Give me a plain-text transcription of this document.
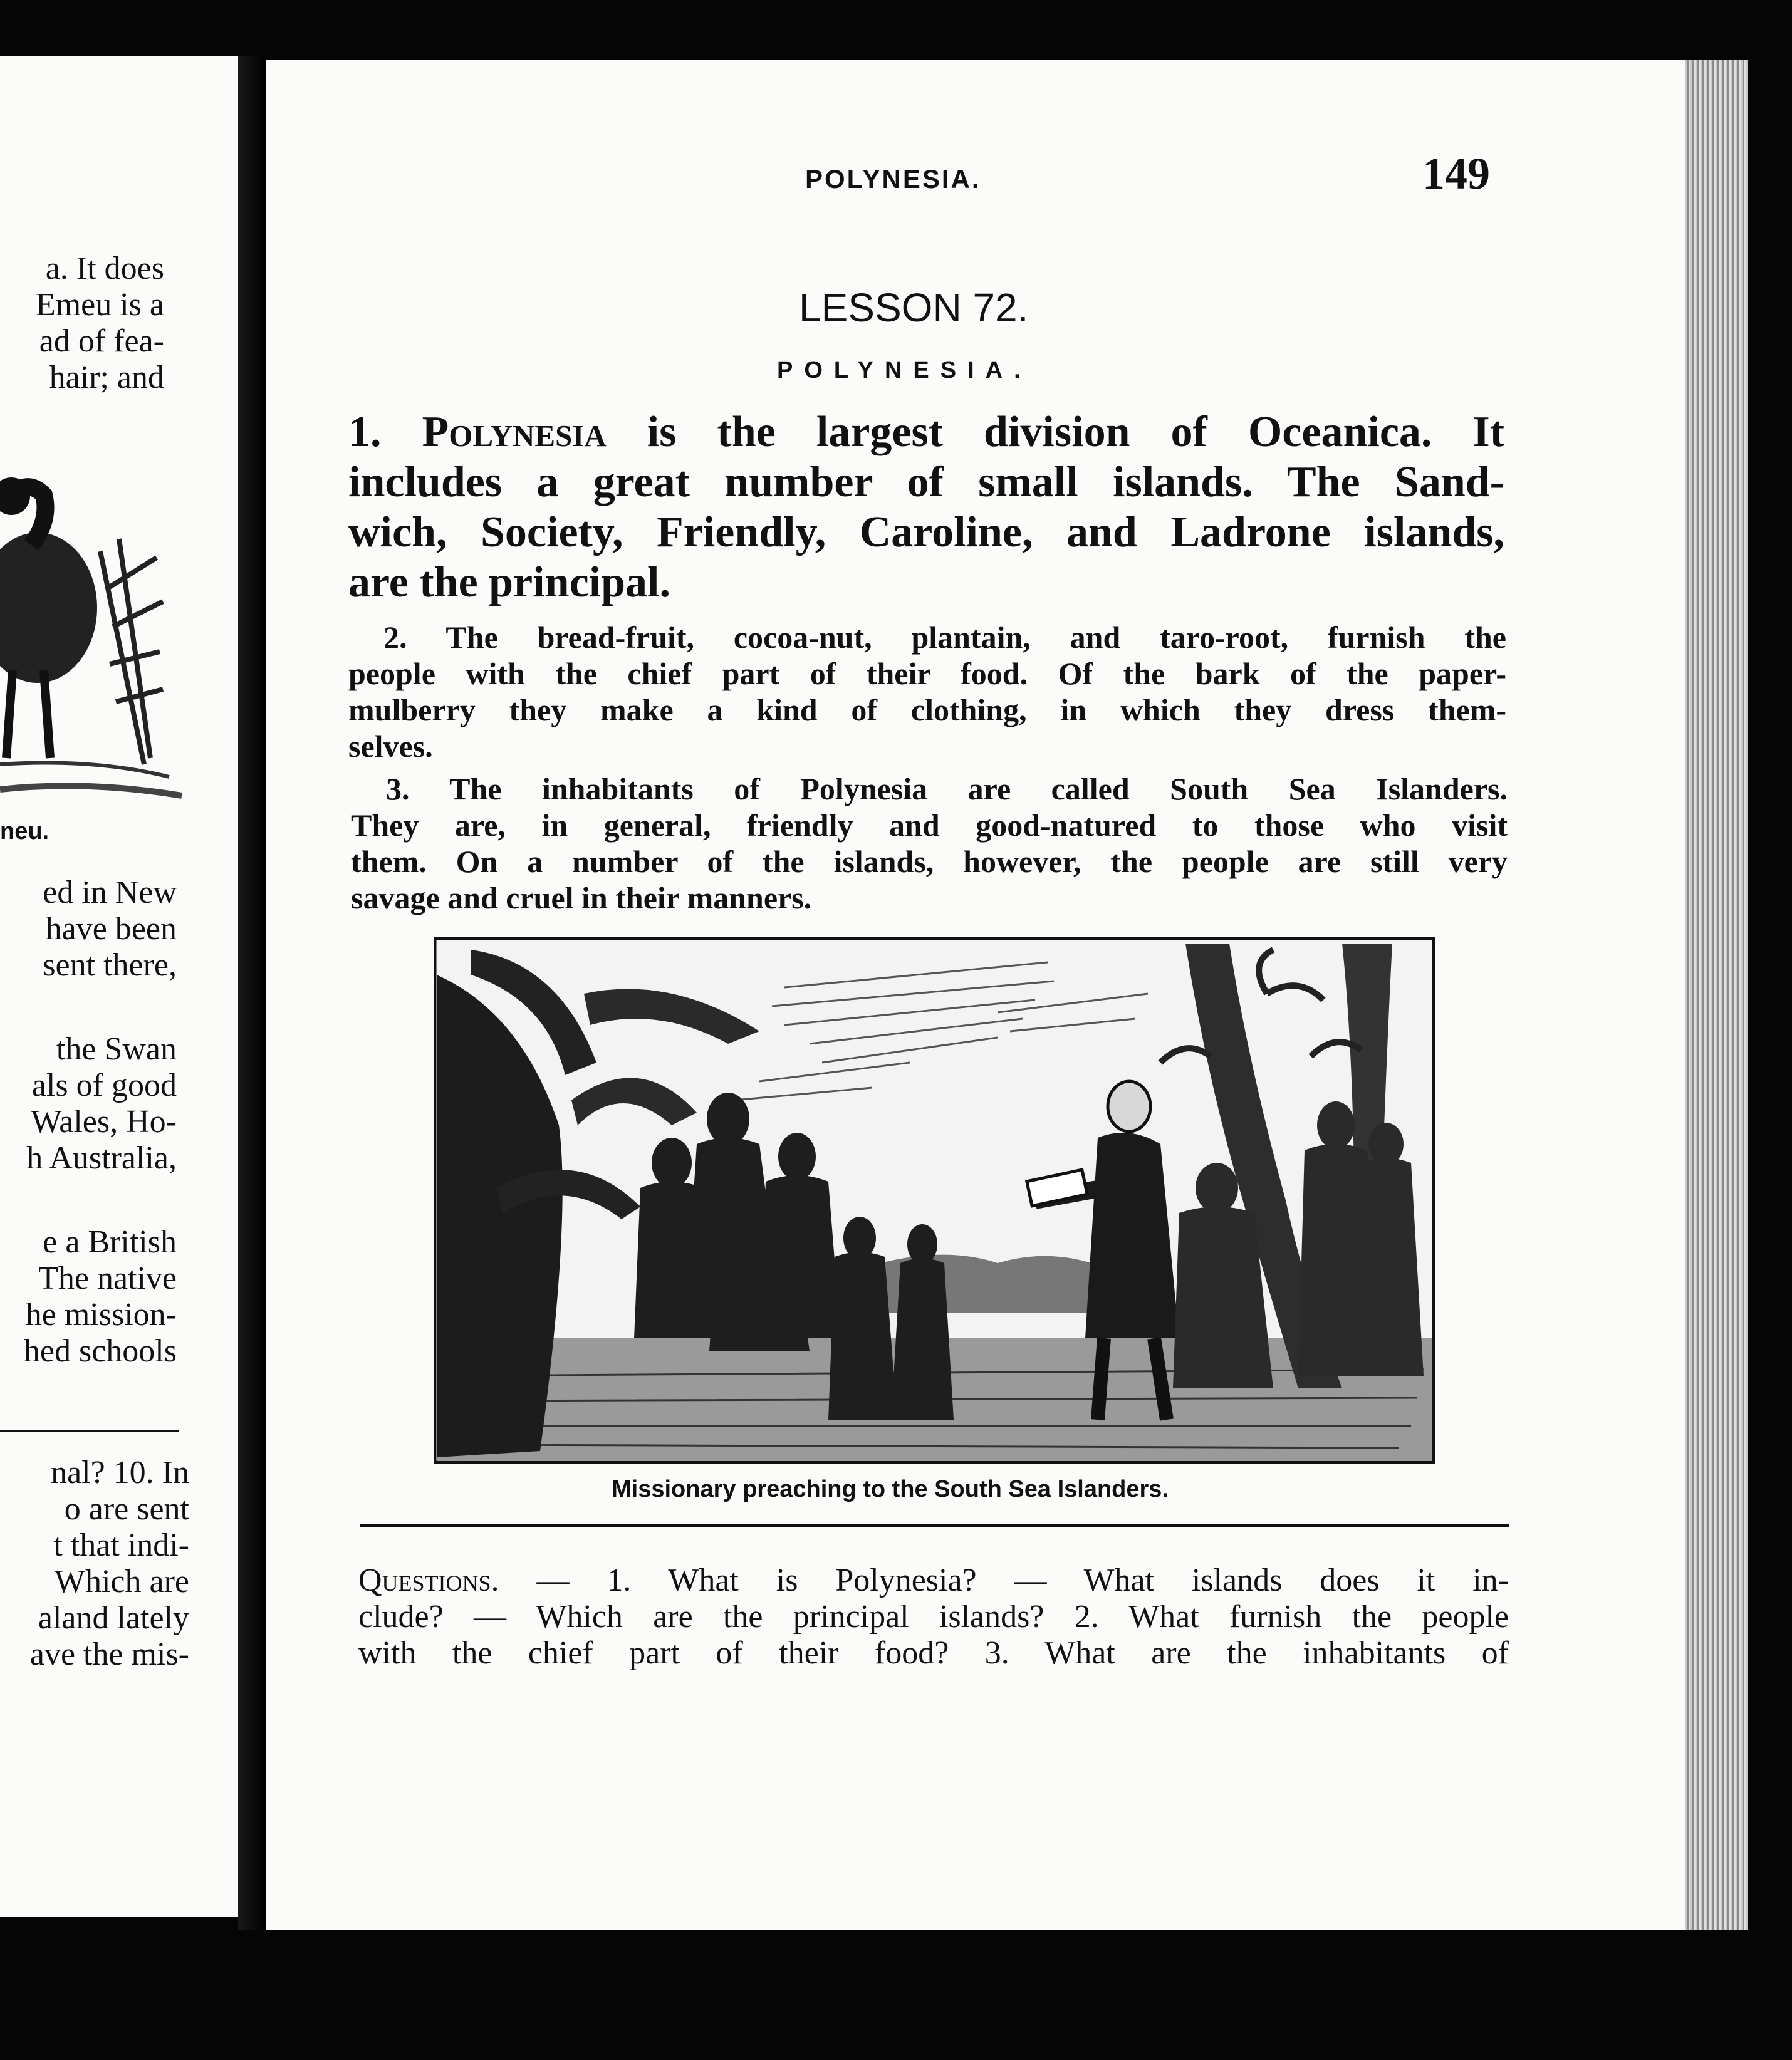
a. It does
Emeu is a
ad of fea-
hair; and
neu.
ed in New
have been
sent there,
the Swan
als of good
Wales, Ho-
h Australia,
e a British
The native
he mission-
hed schools
nal? 10. In
o are sent
t that indi-
Which are
aland lately
ave the mis-
POLYNESIA.	149
LESSON 72.
POLYNESIA.
1. Polynesia is the largest division of Oceanica. It
includes a great number of small islands. The Sand-
wich, Society, Friendly, Caroline, and Ladrone islands,
are the principal.
2. The bread-fruit, cocoa-nut, plantain, and taro-root, furnish the
people with the chief part of their food. Of the bark of the paper-
mulberry they make a kind of clothing, in which they dress them-
selves.
3. The inhabitants of Polynesia are called South Sea Islanders.
They are, in general, friendly and good-natured to those who visit
them. On a number of the islands, however, the people are still very
savage and cruel in their manners.
Missionary preaching to the South Sea Islanders.
Questions. — 1. What is Polynesia? — What islands does it in-
clude? — Which are the principal islands? 2. What furnish the people
with the chief part of their food? 3. What are the inhabitants of
